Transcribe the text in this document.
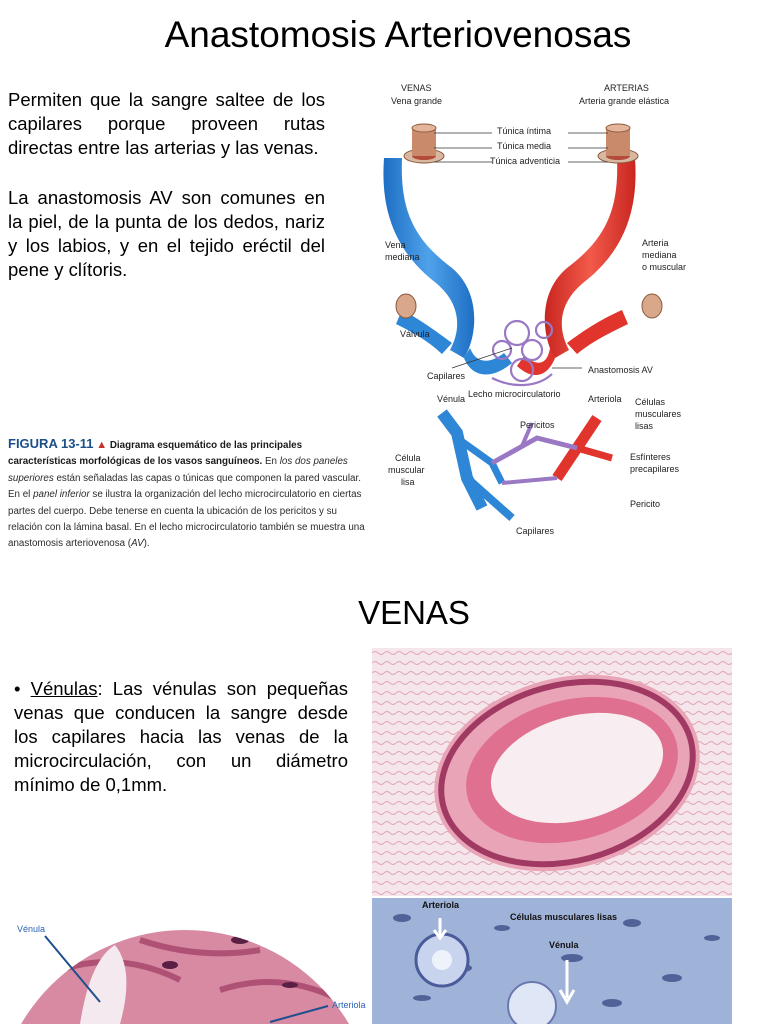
Anastomosis Arteriovenosas
Permiten que la sangre saltee de los capilares porque proveen rutas directas entre las arterias y las venas.
La anastomosis AV son comunes en la piel, de la punta de los dedos, nariz y los labios, y en el tejido eréctil del pene y clítoris.
FIGURA 13-11 ▲ Diagrama esquemático de las principales características morfológicas de los vasos sanguíneos. En los dos paneles superiores están señaladas las capas o túnicas que componen la pared vascular. En el panel inferior se ilustra la organización del lecho microcirculatorio en ciertas partes del cuerpo. Debe tenerse en cuenta la ubicación de los pericitos y su relación con la lámina basal. En el lecho microcirculatorio también se muestra una anastomosis arteriovenosa (AV).
VENAS
Vena grande
ARTERIAS
Arteria grande elástica
Túnica íntima
Túnica media
Túnica adventicia
Vena
mediana
Arteria
mediana
o muscular
Válvula
Anastomosis AV
Capilares
Lecho microcirculatorio
Vénula	Arteriola Células
musculares
lisas
Pericitos
Célula
muscular
lisa
Esfínteres
precapilares
Pericito
Capilares
VENAS
• Vénulas: Las vénulas son pequeñas venas que conducen la sangre desde los capilares hacia las venas de la microcirculación, con un diámetro mínimo de 0,1mm.
Arteriola
Células musculares lisas
Vénula
Vénula
Arteriola
